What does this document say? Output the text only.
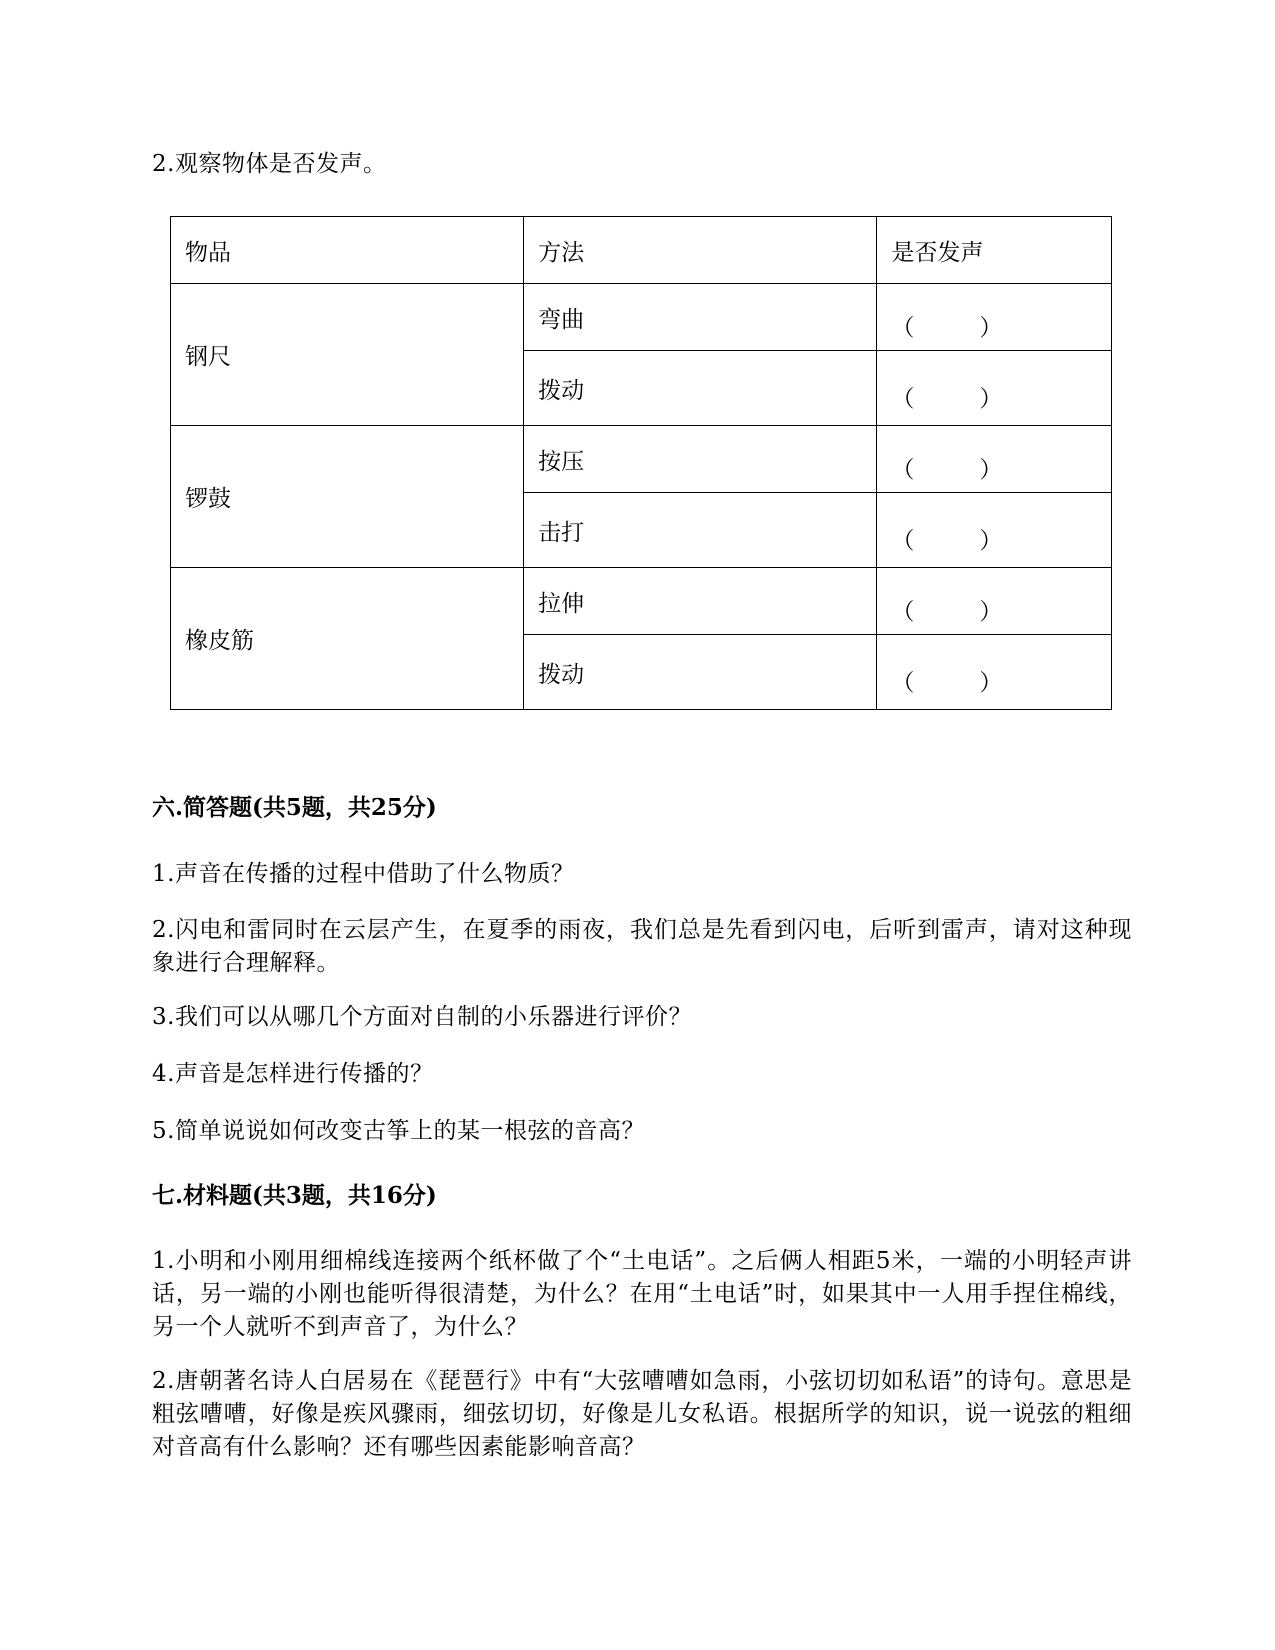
2.观察物体是否发声。
物品	方法	是否发声
钢尺	弯曲	（ ）

	拨动	（ ）

锣鼓	按压	（ ）

	击打	（ ）

橡皮筋	拉伸	（ ）

	拨动	（ ）
六.简答题(共5题，共25分)
1.声音在传播的过程中借助了什么物质？
2.闪电和雷同时在云层产生，在夏季的雨夜，我们总是先看到闪电，后听到雷声，请对这种现象进行合理解释。
3.我们可以从哪几个方面对自制的小乐器进行评价？
4.声音是怎样进行传播的？
5.简单说说如何改变古筝上的某一根弦的音高？
七.材料题(共3题，共16分)
1.小明和小刚用细棉线连接两个纸杯做了个“土电话”。之后俩人相距5米，一端的小明轻声讲话，另一端的小刚也能听得很清楚，为什么？在用“土电话”时，如果其中一人用手捏住棉线，另一个人就听不到声音了，为什么？
2.唐朝著名诗人白居易在《琵琶行》中有“大弦嘈嘈如急雨，小弦切切如私语”的诗句。意思是粗弦嘈嘈，好像是疾风骤雨，细弦切切，好像是儿女私语。根据所学的知识，说一说弦的粗细对音高有什么影响？还有哪些因素能影响音高？
